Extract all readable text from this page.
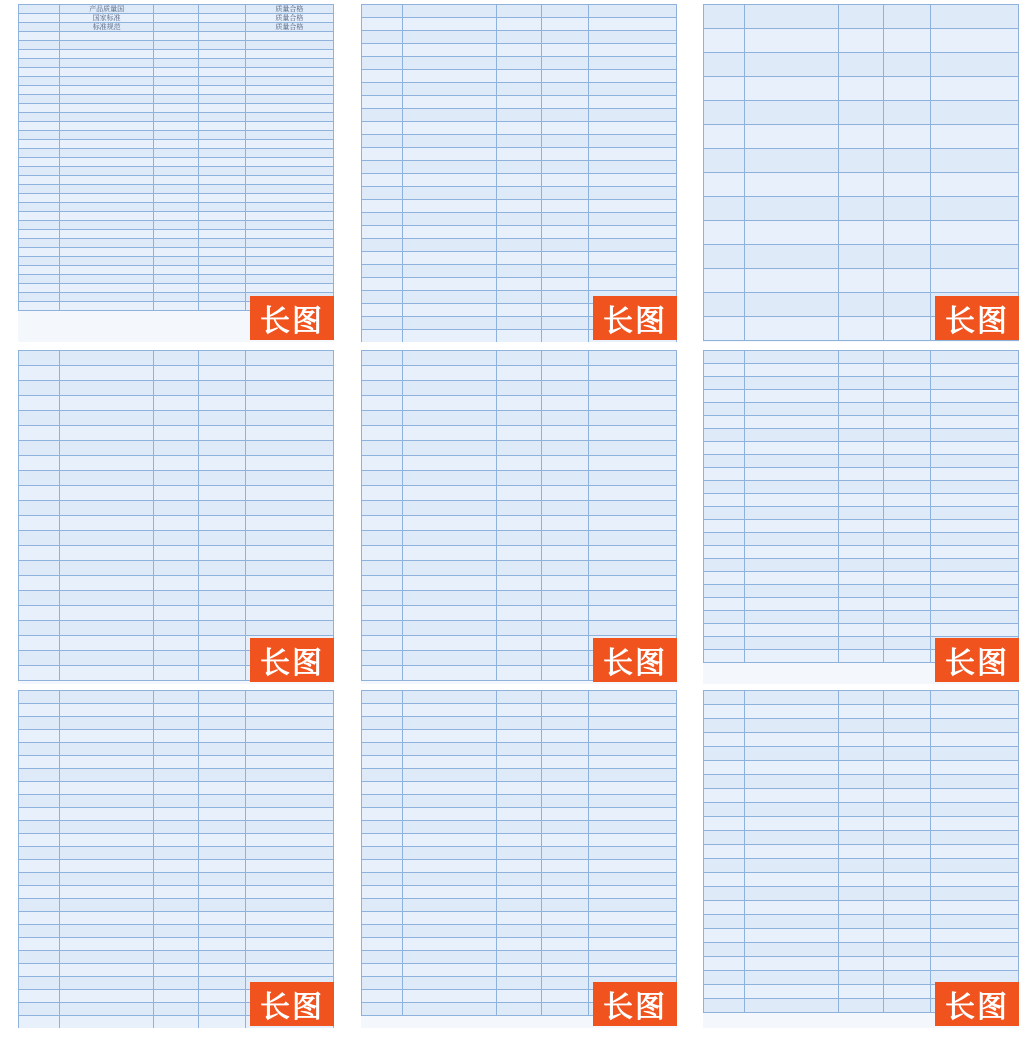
	产品质量国			质量合格
	国家标准			质量合格
	标准规范			质量合格

长图

					长图

					长图

长图

					长图

					长图

长图

					长图

					长图
